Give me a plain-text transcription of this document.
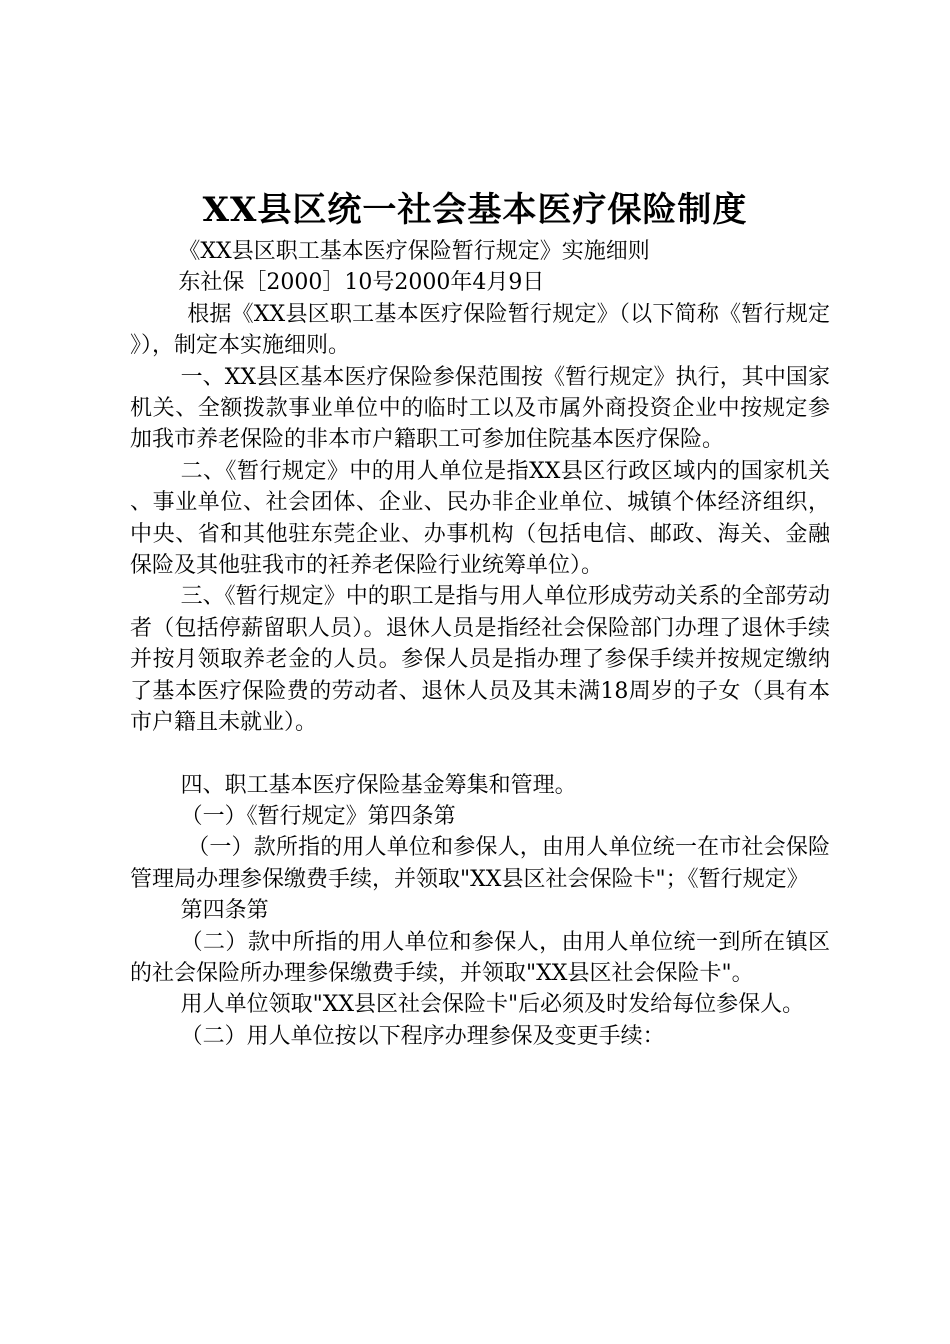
XX县区统一社会基本医疗保险制度

《XX县区职工基本医疗保险暂行规定》实施细则

东社保［2000］10号2000年4月9日

根据《XX县区职工基本医疗保险暂行规定》（以下简称《暂行规定》），制定本实施细则。

一、XX县区基本医疗保险参保范围按《暂行规定》执行，其中国家机关、全额拨款事业单位中的临时工以及市属外商投资企业中按规定参加我市养老保险的非本市户籍职工可参加住院基本医疗保险。

二、《暂行规定》中的用人单位是指XX县区行政区域内的国家机关、事业单位、社会团体、企业、民办非企业单位、城镇个体经济组织，中央、省和其他驻东莞企业、办事机构（包括电信、邮政、海关、金融保险及其他驻我市的衽养老保险行业统筹单位）。

三、《暂行规定》中的职工是指与用人单位形成劳动关系的全部劳动者（包括停薪留职人员）。退休人员是指经社会保险部门办理了退休手续并按月领取养老金的人员。参保人员是指办理了参保手续并按规定缴纳了基本医疗保险费的劳动者、退休人员及其未满18周岁的子女（具有本市户籍且未就业）。

四、职工基本医疗保险基金筹集和管理。

（一）《暂行规定》第四条第

（一）款所指的用人单位和参保人，由用人单位统一在市社会保险管理局办理参保缴费手续，并领取"XX县区社会保险卡"；《暂行规定》

第四条第

（二）款中所指的用人单位和参保人，由用人单位统一到所在镇区的社会保险所办理参保缴费手续，并领取"XX县区社会保险卡"。

用人单位领取"XX县区社会保险卡"后必须及时发给每位参保人。

（二）用人单位按以下程序办理参保及变更手续：
